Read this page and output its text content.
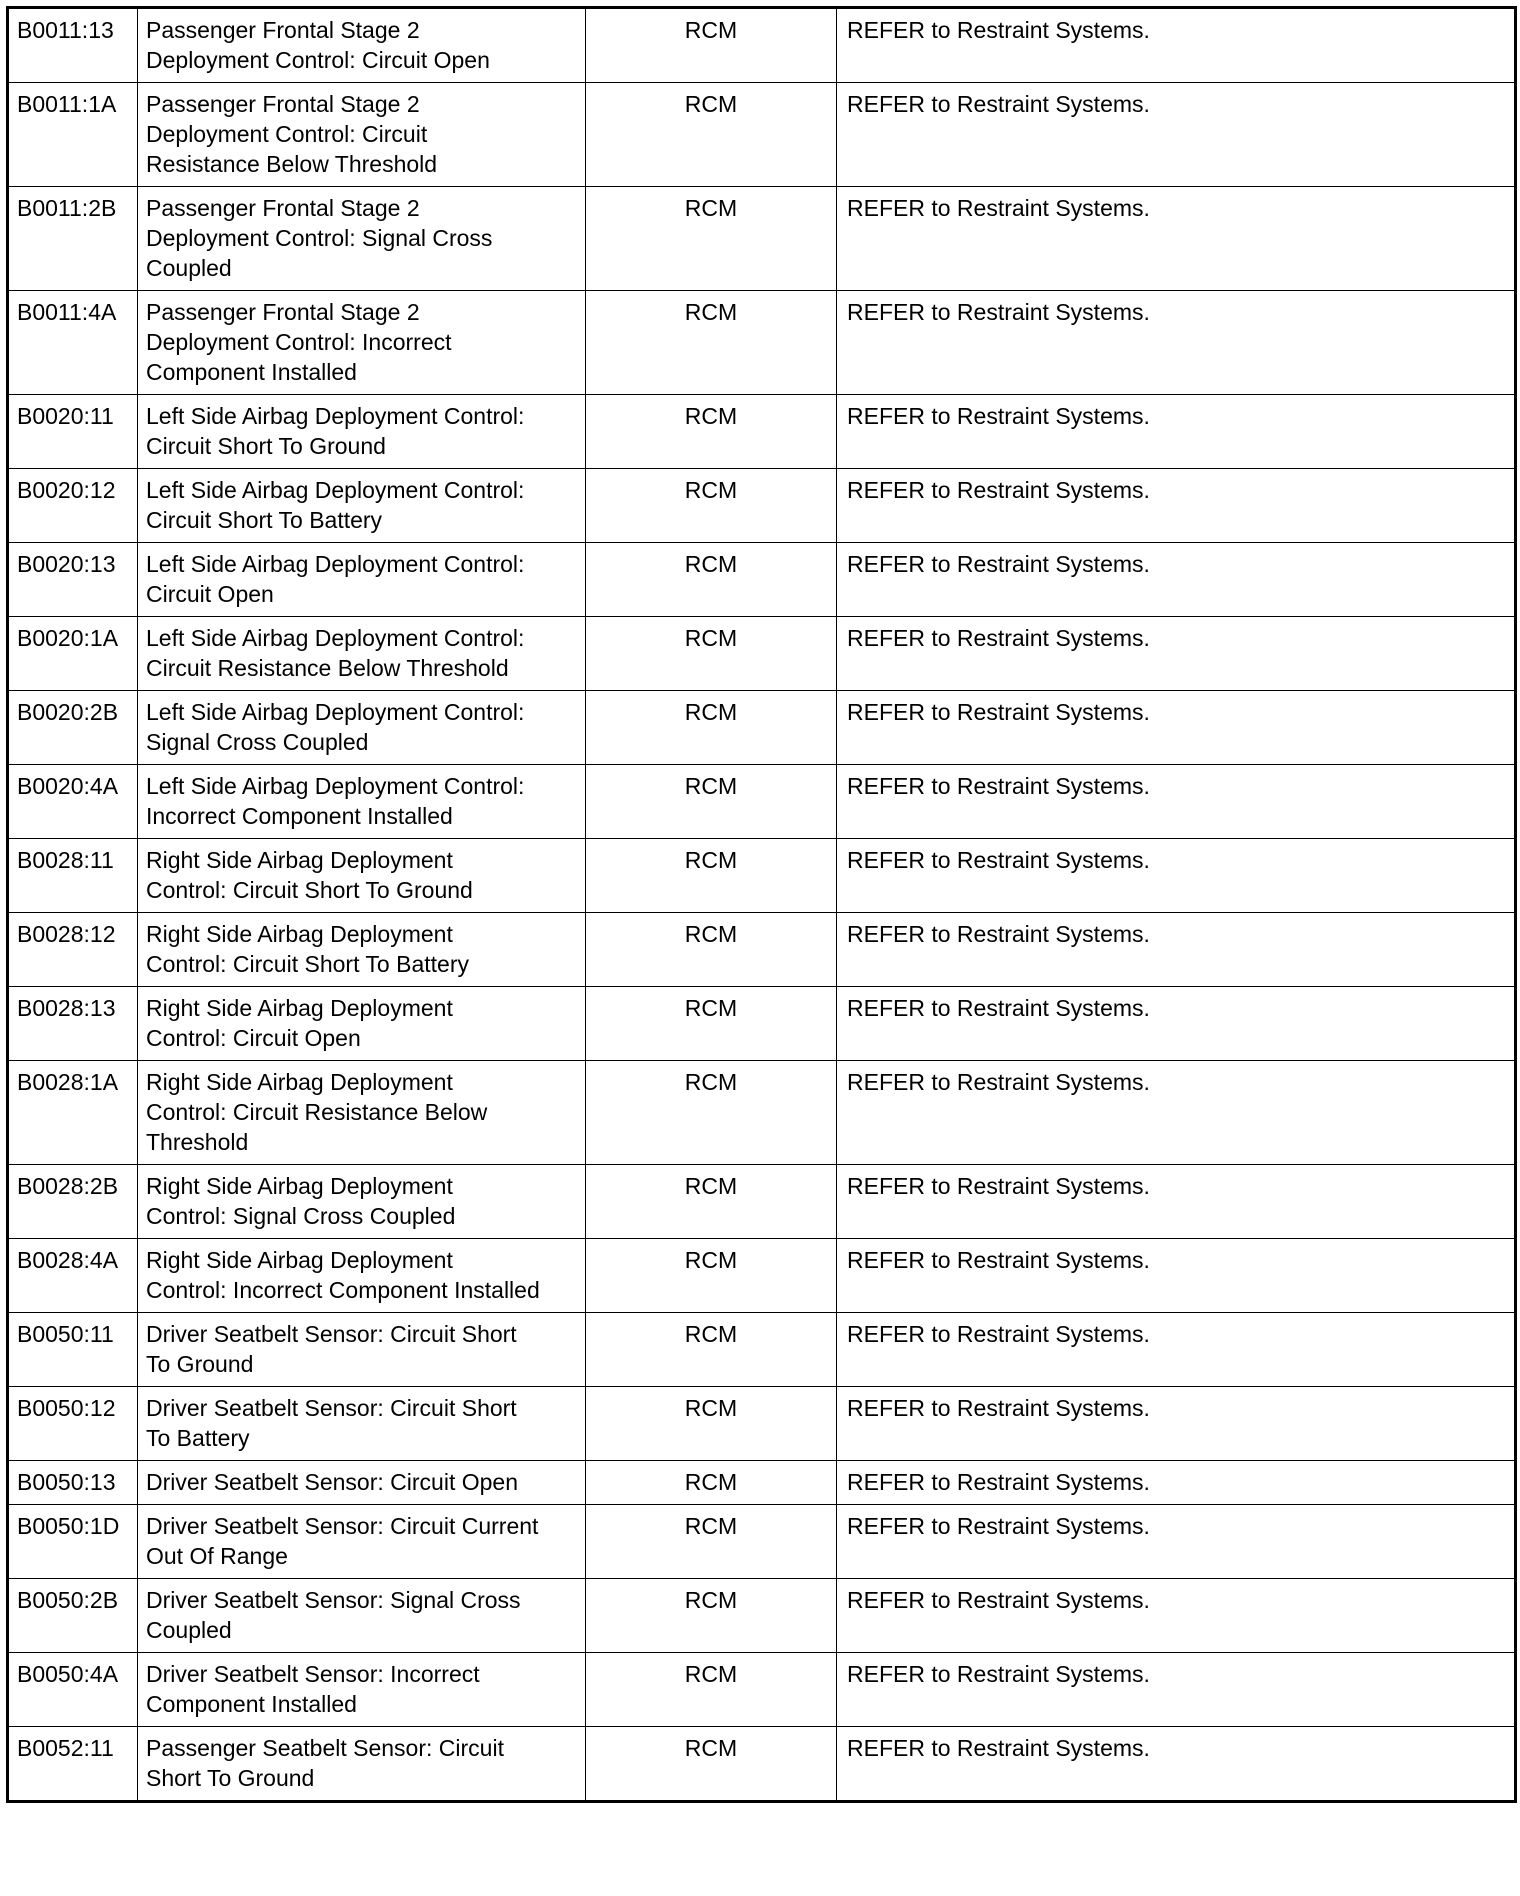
B0011:13	Passenger Frontal Stage 2
Deployment Control: Circuit Open	RCM	REFER to Restraint Systems.
B0011:1A	Passenger Frontal Stage 2
Deployment Control: Circuit
Resistance Below Threshold	RCM	REFER to Restraint Systems.
B0011:2B	Passenger Frontal Stage 2
Deployment Control: Signal Cross
Coupled	RCM	REFER to Restraint Systems.
B0011:4A	Passenger Frontal Stage 2
Deployment Control: Incorrect
Component Installed	RCM	REFER to Restraint Systems.
B0020:11	Left Side Airbag Deployment Control:
Circuit Short To Ground	RCM	REFER to Restraint Systems.
B0020:12	Left Side Airbag Deployment Control:
Circuit Short To Battery	RCM	REFER to Restraint Systems.
B0020:13	Left Side Airbag Deployment Control:
Circuit Open	RCM	REFER to Restraint Systems.
B0020:1A	Left Side Airbag Deployment Control:
Circuit Resistance Below Threshold	RCM	REFER to Restraint Systems.
B0020:2B	Left Side Airbag Deployment Control:
Signal Cross Coupled	RCM	REFER to Restraint Systems.
B0020:4A	Left Side Airbag Deployment Control:
Incorrect Component Installed	RCM	REFER to Restraint Systems.
B0028:11	Right Side Airbag Deployment
Control: Circuit Short To Ground	RCM	REFER to Restraint Systems.
B0028:12	Right Side Airbag Deployment
Control: Circuit Short To Battery	RCM	REFER to Restraint Systems.
B0028:13	Right Side Airbag Deployment
Control: Circuit Open	RCM	REFER to Restraint Systems.
B0028:1A	Right Side Airbag Deployment
Control: Circuit Resistance Below
Threshold	RCM	REFER to Restraint Systems.
B0028:2B	Right Side Airbag Deployment
Control: Signal Cross Coupled	RCM	REFER to Restraint Systems.
B0028:4A	Right Side Airbag Deployment
Control: Incorrect Component Installed	RCM	REFER to Restraint Systems.
B0050:11	Driver Seatbelt Sensor: Circuit Short
To Ground	RCM	REFER to Restraint Systems.
B0050:12	Driver Seatbelt Sensor: Circuit Short
To Battery	RCM	REFER to Restraint Systems.
B0050:13	Driver Seatbelt Sensor: Circuit Open	RCM	REFER to Restraint Systems.
B0050:1D	Driver Seatbelt Sensor: Circuit Current
Out Of Range	RCM	REFER to Restraint Systems.
B0050:2B	Driver Seatbelt Sensor: Signal Cross
Coupled	RCM	REFER to Restraint Systems.
B0050:4A	Driver Seatbelt Sensor: Incorrect
Component Installed	RCM	REFER to Restraint Systems.
B0052:11	Passenger Seatbelt Sensor: Circuit
Short To Ground	RCM	REFER to Restraint Systems.
